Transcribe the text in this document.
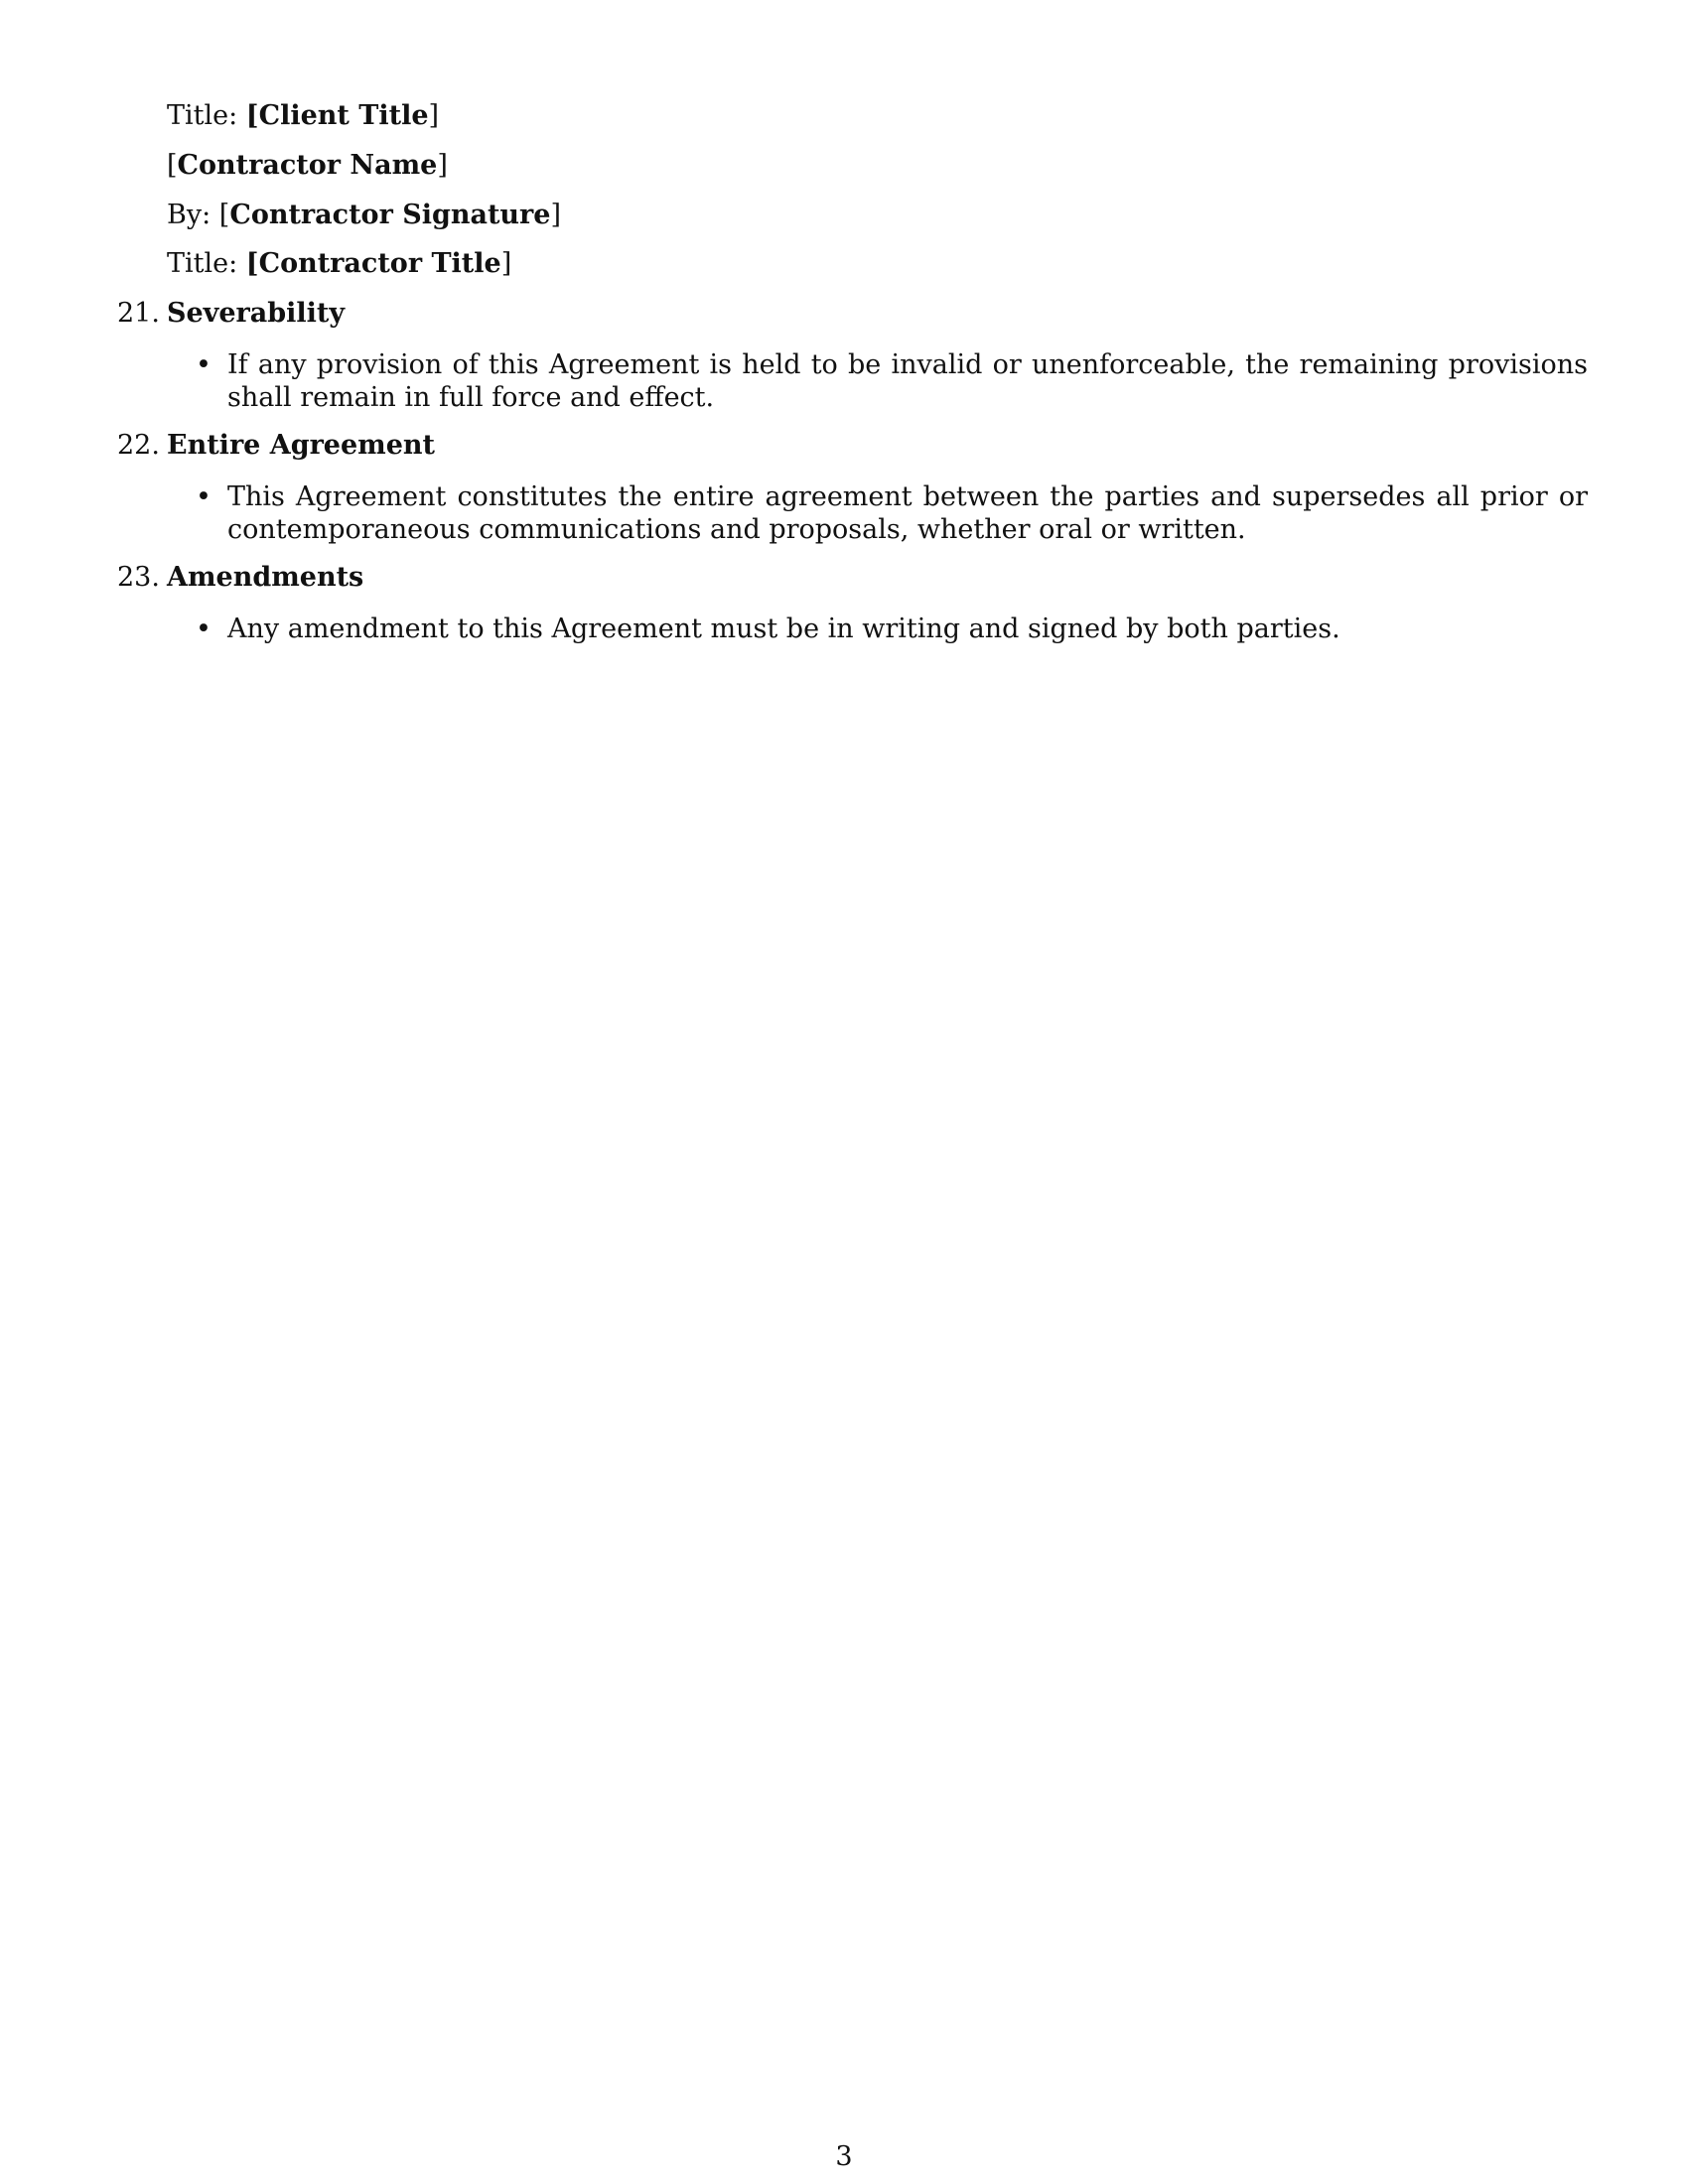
Title: [Client Title]
[Contractor Name]
By: [Contractor Signature]
Title: [Contractor Title]
21. Severability
• If any provision of this Agreement is held to be invalid or unenforceable, the remaining provisions shall remain in full force and effect.
22. Entire Agreement
• This Agreement constitutes the entire agreement between the parties and supersedes all prior or contemporaneous communications and proposals, whether oral or written.
23. Amendments
• Any amendment to this Agreement must be in writing and signed by both parties.
3
